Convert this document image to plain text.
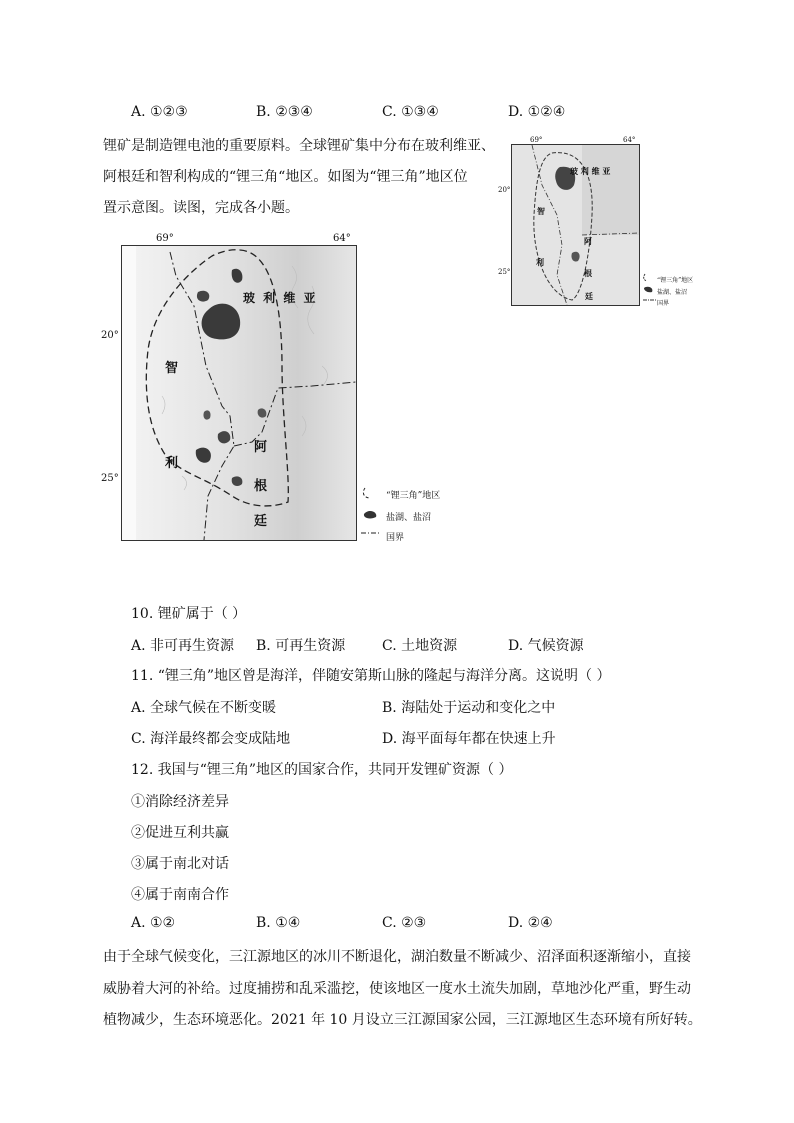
A. ①②③	B. ②③④	C. ①③④	D. ①②④
锂矿是制造锂电池的重要原料。全球锂矿集中分布在玻利维亚、
阿根廷和智利构成的“锂三角“地区。如图为“锂三角”地区位
置示意图。读图，完成各小题。
69°	64°
20°
25°
玻 利 维 亚
智
利
阿
根
廷
“锂三角”地区
盐湖、盐沼
国界
69°	64°
20°
25°
玻 利 维 亚
智
利
阿
根
廷
“锂三角”地区
盐湖、盐沼
国界
10. 锂矿属于（ ）
A. 非可再生资源 B. 可再生资源	C. 土地资源	D. 气候资源
11. “锂三角”地区曾是海洋，伴随安第斯山脉的隆起与海洋分离。这说明（ ）
A. 全球气候在不断变暖	B. 海陆处于运动和变化之中
C. 海洋最终都会变成陆地	D. 海平面每年都在快速上升
12. 我国与“锂三角”地区的国家合作，共同开发锂矿资源（ ）
①消除经济差异
②促进互利共赢
③属于南北对话
④属于南南合作
A. ①②	B. ①④	C. ②③	D. ②④
由于全球气候变化，三江源地区的冰川不断退化，湖泊数量不断减少、沼泽面积逐渐缩小，直接
威胁着大河的补给。过度捕捞和乱采滥挖，使该地区一度水土流失加剧，草地沙化严重，野生动
植物减少，生态环境恶化。2021 年 10 月设立三江源国家公园，三江源地区生态环境有所好转。
